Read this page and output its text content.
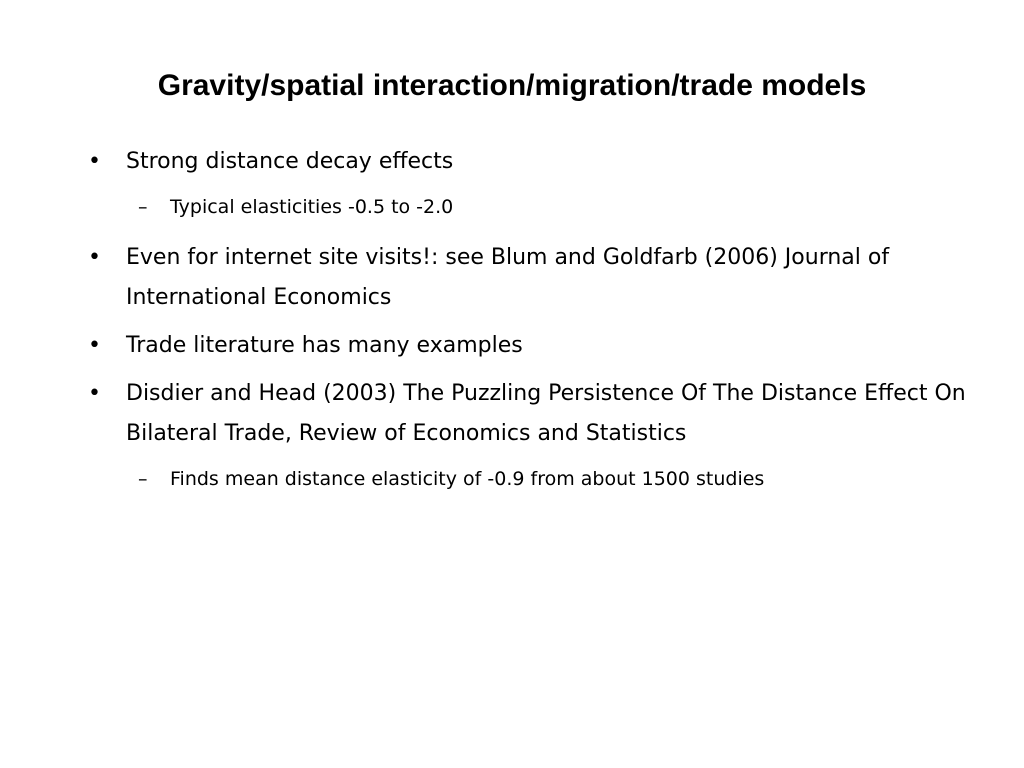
Gravity/spatial interaction/migration/trade models
• Strong distance decay effects
– Typical elasticities -0.5 to -2.0
• Even for internet site visits!: see Blum and Goldfarb (2006) Journal of International Economics
• Trade literature has many examples
• Disdier and Head (2003) The Puzzling Persistence Of The Distance Effect On Bilateral Trade, Review of Economics and Statistics
– Finds mean distance elasticity of -0.9 from about 1500 studies
